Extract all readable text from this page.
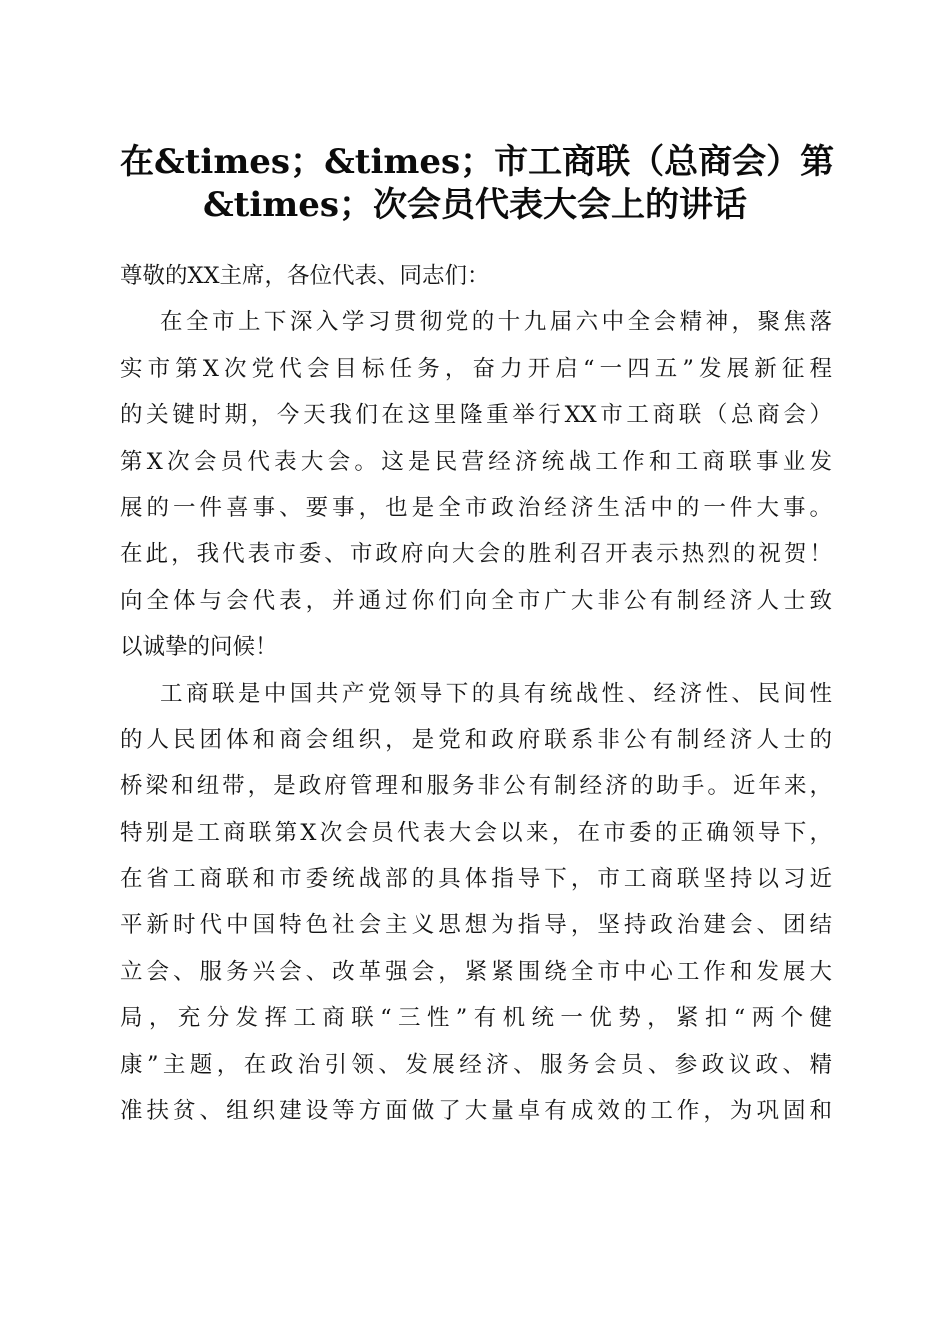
在&times；&times；市工商联（总商会）第
&times；次会员代表大会上的讲话
尊敬的XX主席，各位代表、同志们：
在全市上下深入学习贯彻党的十九届六中全会精神，聚焦落
实市第X次党代会目标任务，奋力开启“一四五”发展新征程
的关键时期，今天我们在这里隆重举行XX市工商联（总商会）
第X次会员代表大会。这是民营经济统战工作和工商联事业发
展的一件喜事、要事，也是全市政治经济生活中的一件大事。
在此，我代表市委、市政府向大会的胜利召开表示热烈的祝贺！
向全体与会代表，并通过你们向全市广大非公有制经济人士致
以诚挚的问候！
工商联是中国共产党领导下的具有统战性、经济性、民间性
的人民团体和商会组织，是党和政府联系非公有制经济人士的
桥梁和纽带，是政府管理和服务非公有制经济的助手。近年来，
特别是工商联第X次会员代表大会以来，在市委的正确领导下，
在省工商联和市委统战部的具体指导下，市工商联坚持以习近
平新时代中国特色社会主义思想为指导，坚持政治建会、团结
立会、服务兴会、改革强会，紧紧围绕全市中心工作和发展大
局，充分发挥工商联“三性”有机统一优势，紧扣“两个健
康”主题，在政治引领、发展经济、服务会员、参政议政、精
准扶贫、组织建设等方面做了大量卓有成效的工作，为巩固和
